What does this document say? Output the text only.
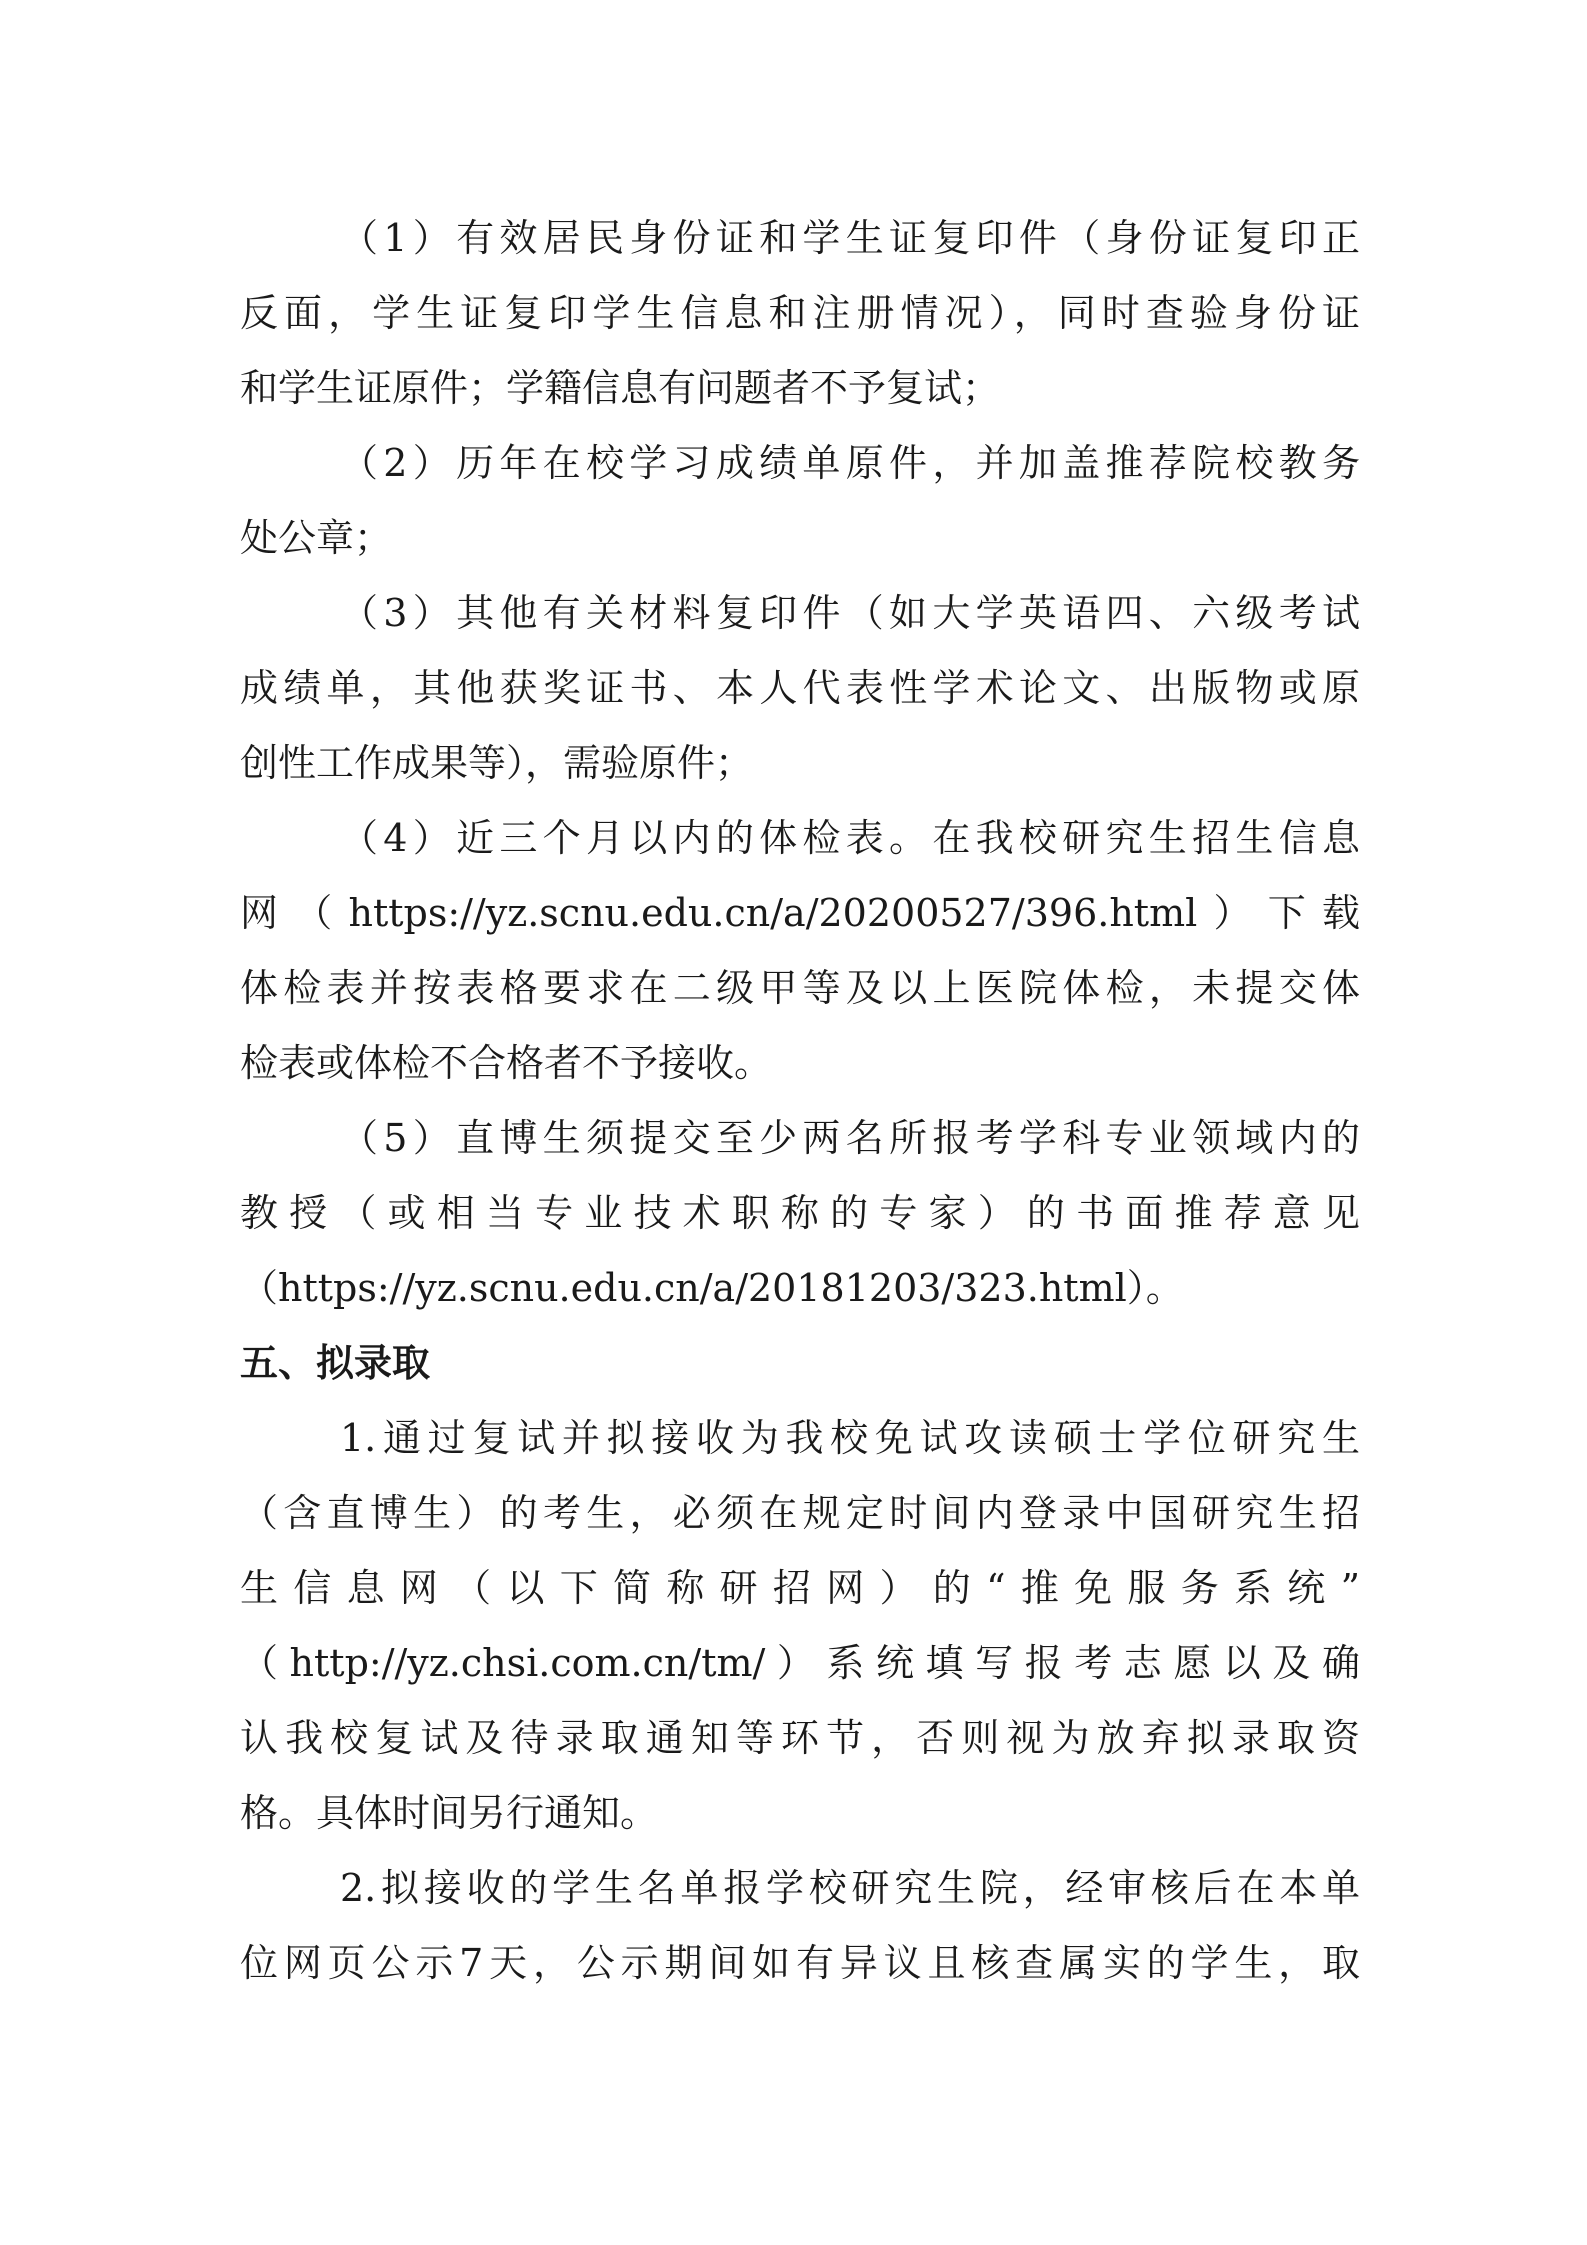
（1）有效居民身份证和学生证复印件（身份证复印正
反面，学生证复印学生信息和注册情况），同时查验身份证
和学生证原件；学籍信息有问题者不予复试；
（2）历年在校学习成绩单原件，并加盖推荐院校教务
处公章；
（3）其他有关材料复印件（如大学英语四、六级考试
成绩单，其他获奖证书、本人代表性学术论文、出版物或原
创性工作成果等），需验原件；
（4）近三个月以内的体检表。在我校研究生招生信息
网（https://yz.scnu.edu.cn/a/20200527/396.html）下载
体检表并按表格要求在二级甲等及以上医院体检，未提交体
检表或体检不合格者不予接收。
（5）直博生须提交至少两名所报考学科专业领域内的
教授（或相当专业技术职称的专家）的书面推荐意见
（https://yz.scnu.edu.cn/a/20181203/323.html）。
五、拟录取
1.通过复试并拟接收为我校免试攻读硕士学位研究生
（含直博生）的考生，必须在规定时间内登录中国研究生招
生信息网（以下简称研招网）的“推免服务系统”
（http://yz.chsi.com.cn/tm/）系统填写报考志愿以及确
认我校复试及待录取通知等环节，否则视为放弃拟录取资
格。具体时间另行通知。
2.拟接收的学生名单报学校研究生院，经审核后在本单
位网页公示7天，公示期间如有异议且核查属实的学生，取
